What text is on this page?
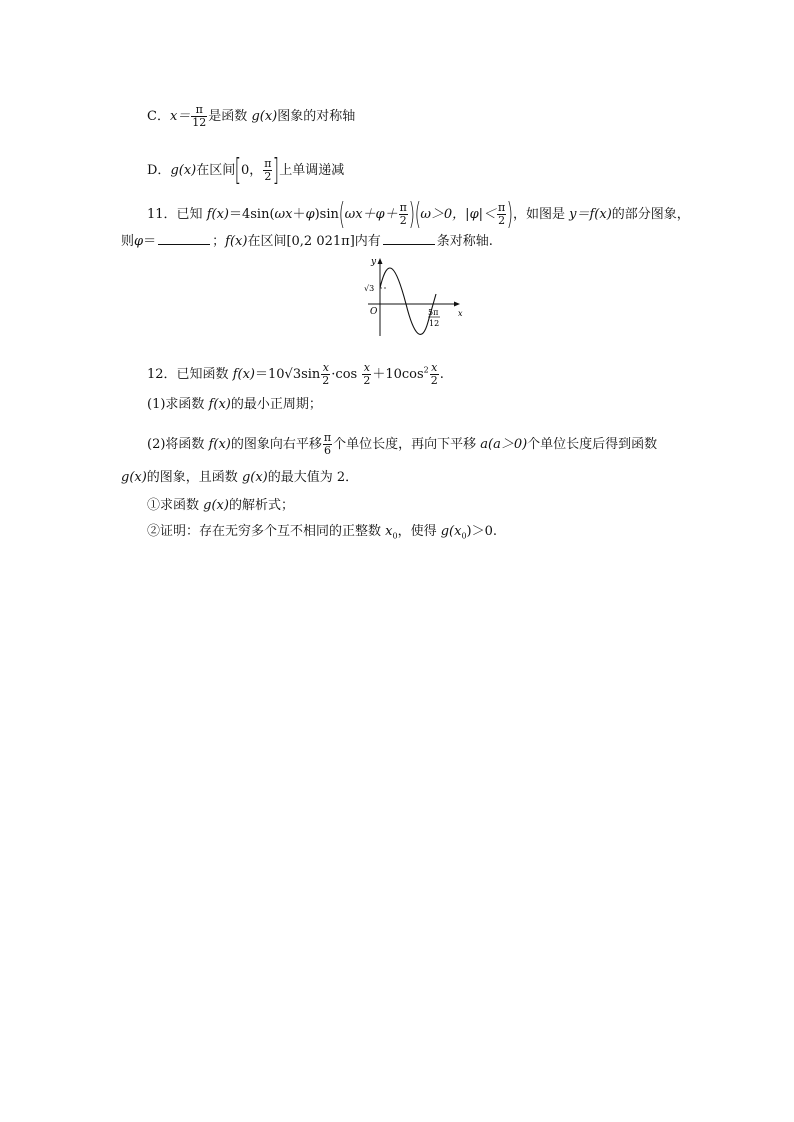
C．$x= \frac{\pi}{12}$ 是函数 g(x)图象的对称轴
D．g(x)在区间[0， $\frac{\pi}{2}$ ]上单调递减
11．已知 $f(x)=4\sin(\omega x+\varphi)\sin(\omega x+\varphi+ \frac{\pi}{2} )(\omega>0$，$|\varphi|< \frac{\pi}{2}$ )，如图是 y＝f(x)的部分图象，
则φ＝	；f(x)在区间[0,2 021π]内有	条对称轴.
y
x
O
√3
5π
12
12．已知函数 $f(x)=10√3\sin \frac{x}{2} \cdot\cos \frac{x}{2} +10\cos^2 \frac{x}{2}$ .
(1)求函数 f(x)的最小正周期；
(2)将函数 f(x)的图象向右平移 $\frac{\pi}{6}$ 个单位长度，再向下平移 a(a＞0)个单位长度后得到函数
g(x)的图象，且函数 g(x)的最大值为 2．
①求函数 g(x)的解析式；
②证明：存在无穷多个互不相同的正整数 $x_0$，使得 $g(x_0)>0$.
